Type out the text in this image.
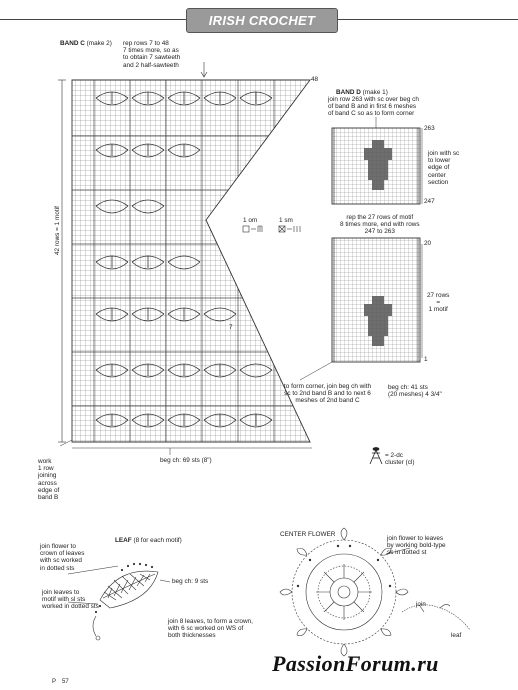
IRISH CROCHET
BAND C (make 2) rep rows 7 to 48
7 times more, so as
to obtain 7 sawteeth
and 2 half-sawteeth
42 rows = 1 motif
48
7
work
1 row
joining
across
edge of
band B
beg ch: 69 sts (8")
1 om	1 sm
= 2-dc
cluster (cl)
BAND D (make 1)
join row 263 with sc over beg ch
of band B and in first 6 meshes
of band C so as to form corner
263
247
20
1
join with sc
to lower
edge of
center
section
rep the 27 rows of motif
8 times more, end with rows
247 to 263
27 rows
=
1 motif
to form corner, join beg ch with
sc to 2nd band B and to next 6
meshes of 2nd band C
beg ch: 41 sts
(20 meshes) 4 3/4"
LEAF (8 for each motif)
join flower to
crown of leaves
with sc worked
in dotted sts
join leaves to
motif with sl sts
worked in dotted sts
beg ch: 9 sts
join 8 leaves, to form a crown,
with 6 sc worked on WS of
both thicknesses
CENTER FLOWER
join flower to leaves
by working bold-type
sc in dotted st
join
leaf
P 57
PassionForum.ru
